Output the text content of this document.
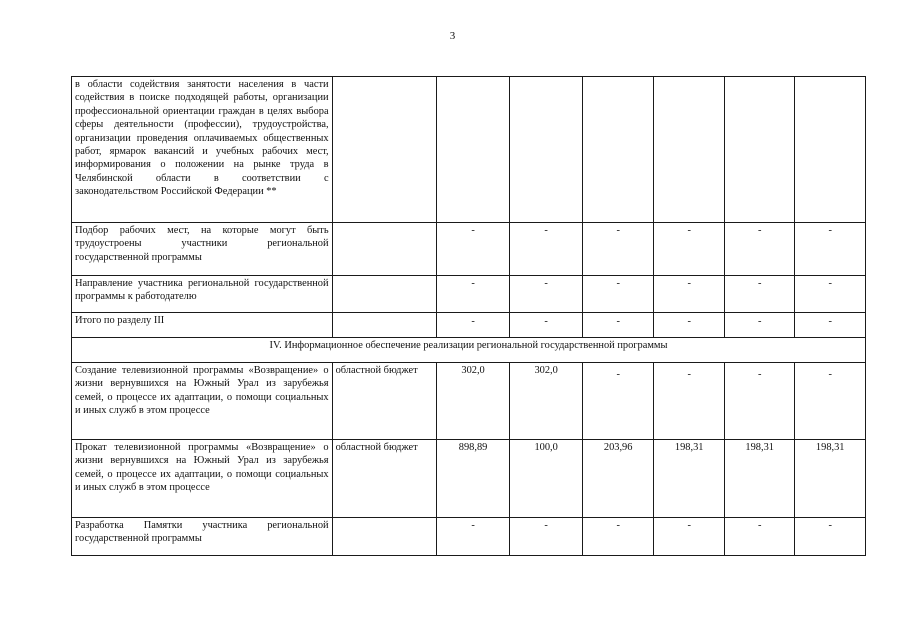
3
в области содействия занятости населения в части содействия в поиске подходящей работы, организации профессиональной ориентации граждан в целях выбора сферы деятельности (профессии), трудоустройства, организации проведения оплачиваемых общественных работ, ярмарок вакансий и учебных рабочих мест, информирования о положении на рынке труда в Челябинской области в соответствии с законодательством Российской Федерации **							
Подбор рабочих мест, на которые могут быть трудоустроены участники региональной государственной программы		-	-	-	-	-	-
Направление участника региональной государственной программы к работодателю		-	-	-	-	-	-
Итого по разделу III		-	-	-	-	-	-
IV. Информационное обеспечение реализации региональной государственной программы							
Создание телевизионной программы «Возвращение» о жизни вернувшихся на Южный Урал из зарубежья семей, о процессе их адаптации, о помощи социальных и иных служб в этом процессе	областной бюджет	302,0	302,0	-	-	-	-
Прокат телевизионной программы «Возвращение» о жизни вернувшихся на Южный Урал из зарубежья семей, о процессе их адаптации, о помощи социальных и иных служб в этом процессе	областной бюджет	898,89	100,0	203,96	198,31	198,31	198,31
Разработка Памятки участника региональной государственной программы		-	-	-	-	-	-
